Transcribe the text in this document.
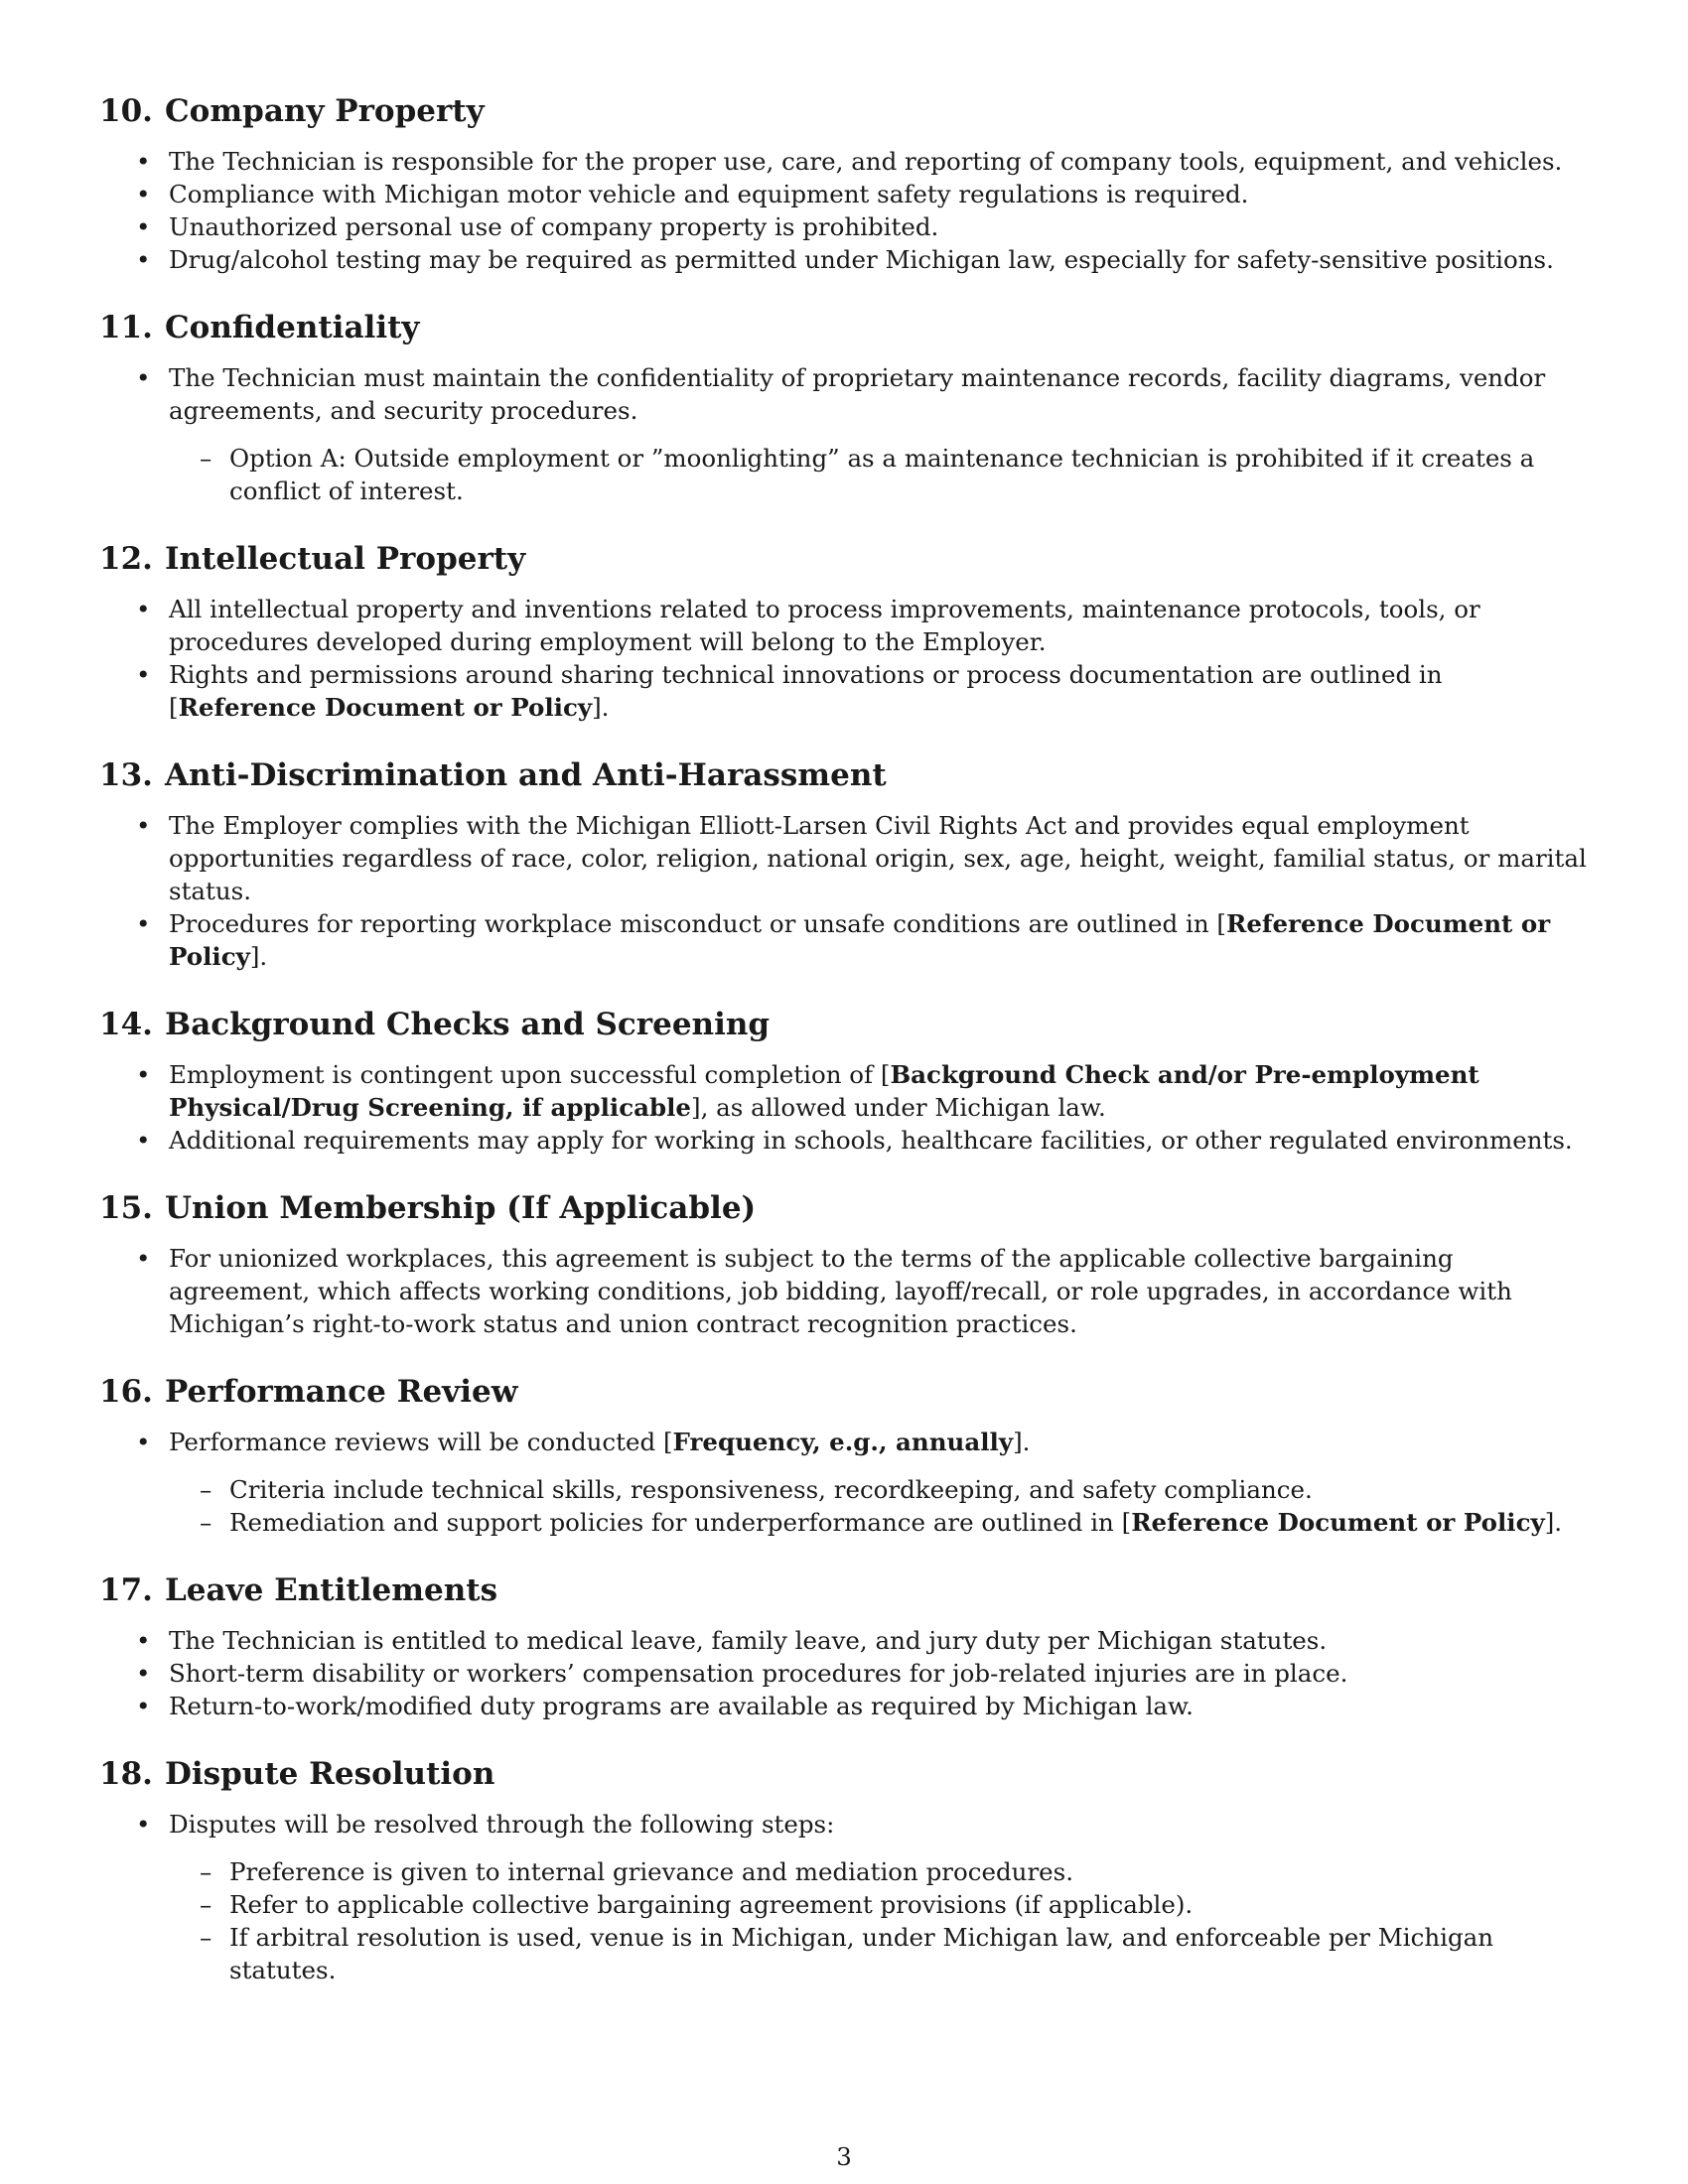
10. Company Property
• The Technician is responsible for the proper use, care, and reporting of company tools, equipment, and vehicles.
• Compliance with Michigan motor vehicle and equipment safety regulations is required.
• Unauthorized personal use of company property is prohibited.
• Drug/alcohol testing may be required as permitted under Michigan law, especially for safety-sensitive positions.
11. Confidentiality
• The Technician must maintain the confidentiality of proprietary maintenance records, facility diagrams, vendor agreements, and security procedures.
– Option A: Outside employment or ”moonlighting” as a maintenance technician is prohibited if it creates a conflict of interest.
12. Intellectual Property
• All intellectual property and inventions related to process improvements, maintenance protocols, tools, or procedures developed during employment will belong to the Employer.
• Rights and permissions around sharing technical innovations or process documentation are outlined in [Reference Document or Policy].
13. Anti-Discrimination and Anti-Harassment
• The Employer complies with the Michigan Elliott-Larsen Civil Rights Act and provides equal employment opportunities regardless of race, color, religion, national origin, sex, age, height, weight, familial status, or marital status.
• Procedures for reporting workplace misconduct or unsafe conditions are outlined in [Reference Document or Policy].
14. Background Checks and Screening
• Employment is contingent upon successful completion of [Background Check and/or Pre-employment Physical/Drug Screening, if applicable], as allowed under Michigan law.
• Additional requirements may apply for working in schools, healthcare facilities, or other regulated environments.
15. Union Membership (If Applicable)
• For unionized workplaces, this agreement is subject to the terms of the applicable collective bargaining agreement, which affects working conditions, job bidding, layoff/recall, or role upgrades, in accordance with Michigan’s right-to-work status and union contract recognition practices.
16. Performance Review
• Performance reviews will be conducted [Frequency, e.g., annually].
– Criteria include technical skills, responsiveness, recordkeeping, and safety compliance.
– Remediation and support policies for underperformance are outlined in [Reference Document or Policy].
17. Leave Entitlements
• The Technician is entitled to medical leave, family leave, and jury duty per Michigan statutes.
• Short-term disability or workers’ compensation procedures for job-related injuries are in place.
• Return-to-work/modified duty programs are available as required by Michigan law.
18. Dispute Resolution
• Disputes will be resolved through the following steps:
– Preference is given to internal grievance and mediation procedures.
– Refer to applicable collective bargaining agreement provisions (if applicable).
– If arbitral resolution is used, venue is in Michigan, under Michigan law, and enforceable per Michigan statutes.
3
